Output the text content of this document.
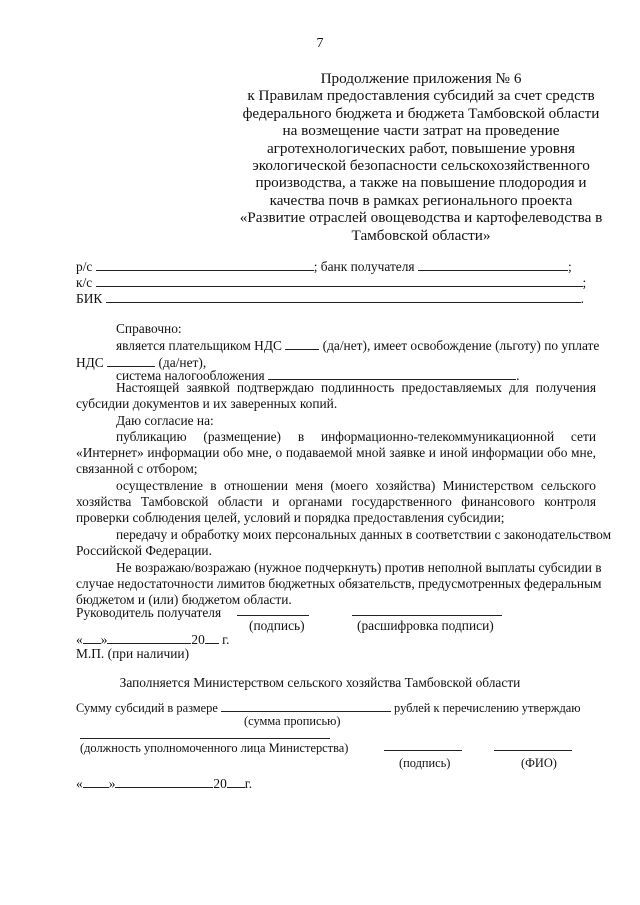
7
Продолжение приложения № 6
к Правилам предоставления субсидий за счет средств
федерального бюджета и бюджета Тамбовской области
на возмещение части затрат на проведение
агротехнологических работ, повышение уровня
экологической безопасности сельскохозяйственного
производства, а также на повышение плодородия и
качества почв в рамках регионального проекта
«Развитие отраслей овощеводства и картофелеводства в
Тамбовской области»
р/с	; банк получателя	;
к/с	;
БИК	.
Справочно:
является плательщиком НДС	(да/нет), имеет освобождение (льготу) по уплате
НДС	(да/нет),
система налогообложения	.
Настоящей заявкой подтверждаю подлинность предоставляемых для получения
субсидии документов и их заверенных копий.
Даю согласие на:
публикацию (размещение) в информационно-телекоммуникационной сети
«Интернет» информации обо мне, о подаваемой мной заявке и иной информации обо мне,
связанной с отбором;
осуществление в отношении меня (моего хозяйства) Министерством сельского
хозяйства Тамбовской области и органами государственного финансового контроля
проверки соблюдения целей, условий и порядка предоставления субсидии;
передачу и обработку моих персональных данных в соответствии с законодательством
Российской Федерации.
Не возражаю/возражаю (нужное подчеркнуть) против неполной выплаты субсидии в
случае недостаточности лимитов бюджетных обязательств, предусмотренных федеральным
бюджетом и (или) бюджетом области.
Руководитель получателя
(подпись)	(расшифровка подписи)
« »	20 г.
М.П. (при наличии)
Заполняется Министерством сельского хозяйства Тамбовской области
Сумму субсидий в размере	рублей к перечислению утверждаю
(сумма прописью)
(должность уполномоченного лица Министерства)
(подпись)	(ФИО)
« »	20 г.
